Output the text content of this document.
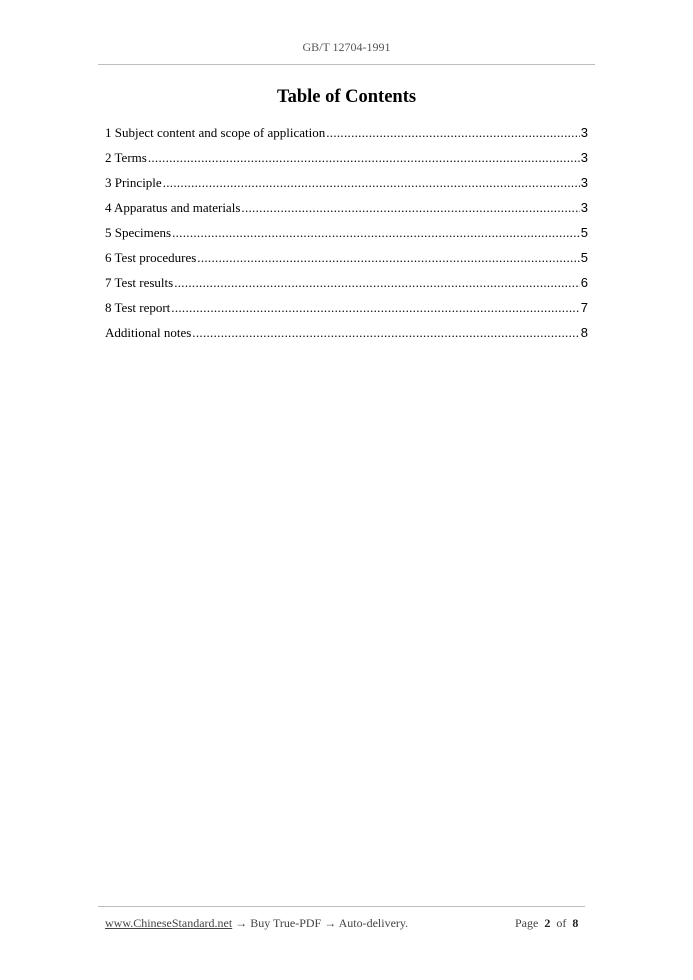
GB/T 12704-1991
Table of Contents
1 Subject content and scope of application .....	3
2 Terms .....	3
3 Principle .....	3
4 Apparatus and materials .....	3
5 Specimens .....	5
6 Test procedures .....	5
7 Test results .....	6
8 Test report .....	7
Additional notes .....	8
www.ChineseStandard.net → Buy True-PDF → Auto-delivery.	Page 2 of 8
